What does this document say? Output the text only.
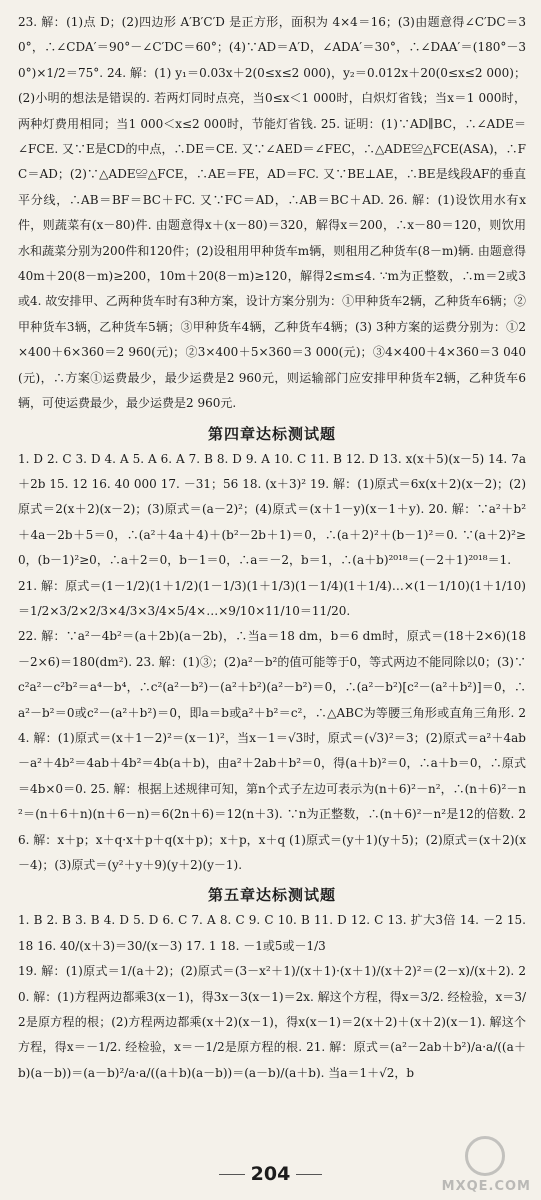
23. 解：(1)点 D；(2)四边形 A′B′C′D 是正方形，面积为 4×4＝16；(3)由题意得∠C′DC＝30°，∴∠CDA′＝90°－∠C′DC＝60°；(4)∵AD＝A′D，∠ADA′＝30°，∴∠DAA′＝(180°－30°)×1/2＝75°. 24. 解：(1) y₁＝0.03x＋2(0≤x≤2 000)，y₂＝0.012x＋20(0≤x≤2 000)；(2)小明的想法是错误的. 若两灯同时点亮，当0≤x＜1 000时，白炽灯省钱；当x＝1 000时，两种灯费用相同；当1 000＜x≤2 000时，节能灯省钱. 25. 证明：(1)∵AD∥BC，∴∠ADE＝∠FCE. 又∵E是CD的中点，∴DE＝CE. 又∵∠AED＝∠FEC，∴△ADE≌△FCE(ASA)，∴FC＝AD；(2)∵△ADE≌△FCE，∴AE＝FE，AD＝FC. 又∵BE⊥AE，∴BE是线段AF的垂直平分线，∴AB＝BF＝BC＋FC. 又∵FC＝AD，∴AB＝BC＋AD. 26. 解：(1)设饮用水有x件，则蔬菜有(x－80)件. 由题意得x＋(x－80)＝320，解得x＝200，∴x－80＝120，则饮用水和蔬菜分别为200件和120件；(2)设租用甲种货车m辆，则租用乙种货车(8－m)辆. 由题意得 40m＋20(8－m)≥200，10m＋20(8－m)≥120，解得2≤m≤4. ∵m为正整数，∴m＝2或3或4. 故安排甲、乙两种货车时有3种方案，设计方案分别为：①甲种货车2辆，乙种货车6辆；②甲种货车3辆，乙种货车5辆；③甲种货车4辆，乙种货车4辆；(3) 3种方案的运费分别为：①2×400＋6×360＝2 960(元)；②3×400＋5×360＝3 000(元)；③4×400＋4×360＝3 040(元)，∴方案①运费最少，最少运费是2 960元，则运输部门应安排甲种货车2辆，乙种货车6辆，可使运费最少，最少运费是2 960元.

第四章达标测试题

1. D 2. C 3. D 4. A 5. A 6. A 7. B 8. D 9. A 10. C 11. B 12. D 13. x(x＋5)(x－5) 14. 7a＋2b 15. 12 16. 40 000 17. －31；56 18. (x＋3)² 19. 解：(1)原式＝6x(x＋2)(x－2)；(2)原式＝2(x＋2)(x－2)；(3)原式＝(a－2)²；(4)原式＝(x＋1－y)(x－1＋y). 20. 解：∵a²＋b²＋4a－2b＋5＝0，∴(a²＋4a＋4)＋(b²－2b＋1)＝0，∴(a＋2)²＋(b－1)²＝0. ∵(a＋2)²≥0，(b－1)²≥0，∴a＋2＝0，b－1＝0，∴a＝－2，b＝1，∴(a＋b)²⁰¹⁸＝(－2＋1)²⁰¹⁸＝1.

21. 解：原式＝(1－1/2)(1＋1/2)(1－1/3)(1＋1/3)(1－1/4)(1＋1/4)…×(1－1/10)(1＋1/10)＝1/2×3/2×2/3×4/3×3/4×5/4×…×9/10×11/10＝11/20.

22. 解：∵a²－4b²＝(a＋2b)(a－2b)，∴当a＝18 dm，b＝6 dm时，原式＝(18＋2×6)(18－2×6)＝180(dm²). 23. 解：(1)③；(2)a²－b²的值可能等于0，等式两边不能同除以0；(3)∵c²a²－c²b²＝a⁴－b⁴，∴c²(a²－b²)－(a²＋b²)(a²－b²)＝0，∴(a²－b²)[c²－(a²＋b²)]＝0，∴a²－b²＝0或c²－(a²＋b²)＝0，即a＝b或a²＋b²＝c²，∴△ABC为等腰三角形或直角三角形. 24. 解：(1)原式＝(x＋1－2)²＝(x－1)²，当x－1＝√3时，原式＝(√3)²＝3；(2)原式＝a²＋4ab－a²＋4b²＝4ab＋4b²＝4b(a＋b)，由a²＋2ab＋b²＝0，得(a＋b)²＝0，∴a＋b＝0，∴原式＝4b×0＝0. 25. 解：根据上述规律可知，第n个式子左边可表示为(n＋6)²－n²，∴(n＋6)²－n²＝(n＋6＋n)(n＋6－n)＝6(2n＋6)＝12(n＋3). ∵n为正整数，∴(n＋6)²－n²是12的倍数. 26. 解：x＋p；x＋q·x＋p＋q(x＋p)；x＋p，x＋q (1)原式＝(y＋1)(y＋5)；(2)原式＝(x＋2)(x－4)；(3)原式＝(y²＋y＋9)(y＋2)(y－1).

第五章达标测试题

1. B 2. B 3. B 4. D 5. D 6. C 7. A 8. C 9. C 10. B 11. D 12. C 13. 扩大3倍 14. －2 15. 18 16. 40/(x＋3)＝30/(x－3) 17. 1 18. －1或5或－1/3

19. 解：(1)原式＝1/(a＋2)；(2)原式＝(3－x²＋1)/(x＋1)·(x＋1)/(x＋2)²＝(2－x)/(x＋2). 20. 解：(1)方程两边都乘3(x－1)，得3x－3(x－1)＝2x. 解这个方程，得x＝3/2. 经检验，x＝3/2是原方程的根；(2)方程两边都乘(x＋2)(x－1)，得x(x－1)＝2(x＋2)＋(x＋2)(x－1). 解这个方程，得x＝－1/2. 经检验，x＝－1/2是原方程的根. 21. 解：原式＝(a²－2ab＋b²)/a·a/((a＋b)(a－b))＝(a－b)²/a·a/((a＋b)(a－b))＝(a－b)/(a＋b). 当a＝1＋√2，b

204
MXQE.COM
